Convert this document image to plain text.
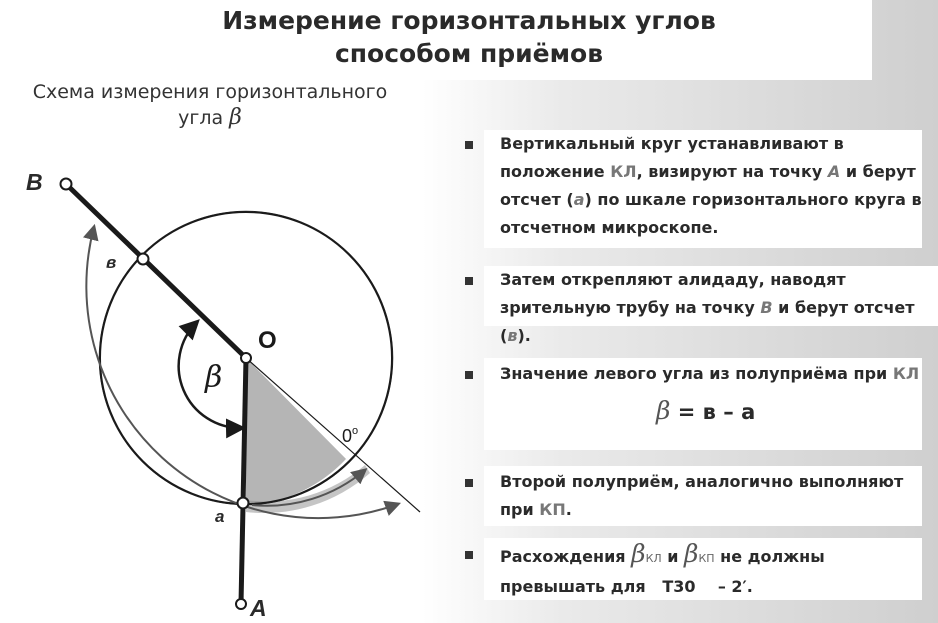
Измерение горизонтальных углов
способом приёмов
Схема измерения горизонтального
угла β
B
в
O
β
0$^o$
a
A
Вертикальный круг устанавливают в
положение КЛ, визируют на точку А и берут
отсчет (а) по шкале горизонтального круга в
отсчетном микроскопе.
Затем открепляют алидаду, наводят
зрительную трубу на точку В и берут отсчет (в).
Значение левого угла из полуприёма при КЛ
β = в – а
Второй полуприём, аналогично выполняют
при КП.
Расхождения βКЛ и βКП не должны
превышать для Т30 – 2′.
